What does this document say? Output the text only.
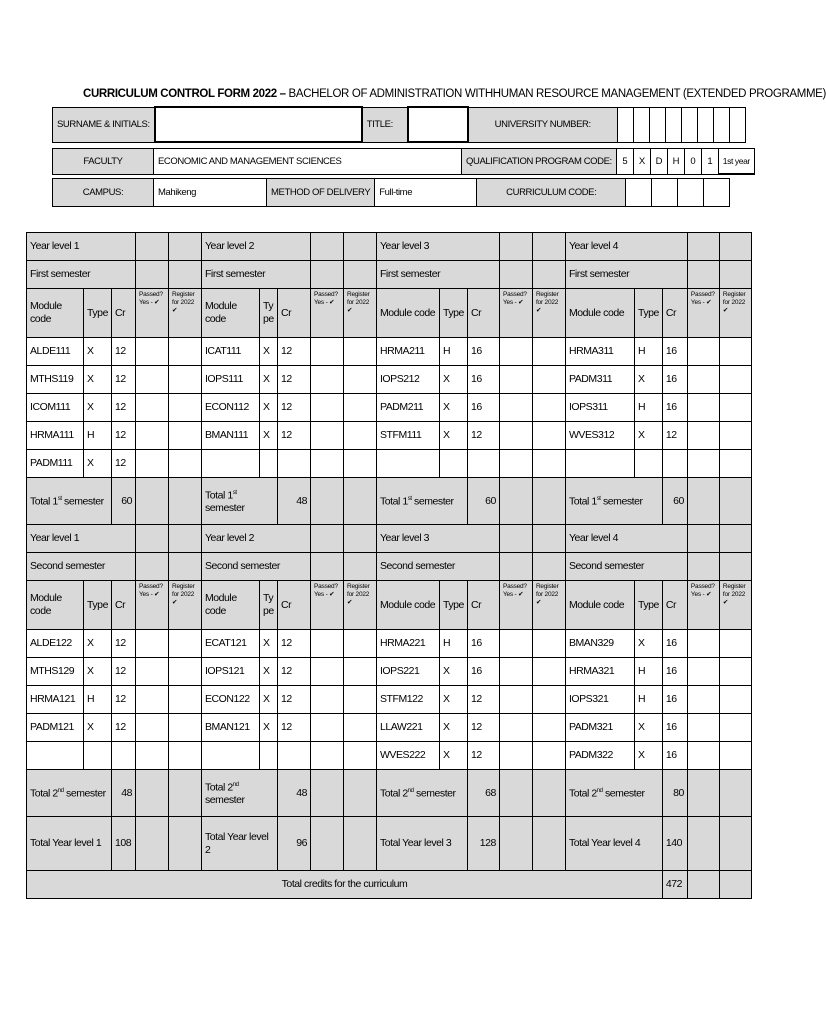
CURRICULUM CONTROL FORM 2022 – BACHELOR OF ADMINISTRATION WITHHUMAN RESOURCE MANAGEMENT (EXTENDED PROGRAMME)
SURNAME & INITIALS:		TITLE:		UNIVERSITY NUMBER:								
FACULTY	ECONOMIC AND MANAGEMENT SCIENCES	QUALIFICATION PROGRAM CODE:	5	X	D	H	0	1	1st year
CAMPUS:	Mahikeng	METHOD OF DELIVERY	Full-time	CURRICULUM CODE:				
Year level 1					Year level 2					Year level 3					Year level 4				
First semester					First semester					First semester					First semester				
Module code	Type	Cr	Passed? Yes - ✔	Register for 2022 ✔	Module code	Ty pe	Cr	Passed? Yes - ✔	Register for 2022 ✔	Module code	Type	Cr	Passed? Yes - ✔	Register for 2022 ✔	Module code	Type	Cr	Passed? Yes - ✔	Register for 2022 ✔
ALDE111	X	12			ICAT111	X	12			HRMA211	H	16			HRMA311	H	16		
MTHS119	X	12			IOPS111	X	12			IOPS212	X	16			PADM311	X	16		
ICOM111	X	12			ECON112	X	12			PADM211	X	16			IOPS311	H	16		
HRMA111	H	12			BMAN111	X	12			STFM111	X	12			WVES312	X	12		
PADM111	X	12																	
Total 1st semester		60			Total 1st semester		48			Total 1st semester		60			Total 1st semester		60		
Year level 1					Year level 2					Year level 3					Year level 4				
Second semester					Second semester					Second semester					Second semester				
Module code	Type	Cr	Passed? Yes - ✔	Register for 2022 ✔	Module code	Ty pe	Cr	Passed? Yes - ✔	Register for 2022 ✔	Module code	Type	Cr	Passed? Yes - ✔	Register for 2022 ✔	Module code	Type	Cr	Passed? Yes - ✔	Register for 2022 ✔
ALDE122	X	12			ECAT121	X	12			HRMA221	H	16			BMAN329	X	16		
MTHS129	X	12			IOPS121	X	12			IOPS221	X	16			HRMA321	H	16		
HRMA121	H	12			ECON122	X	12			STFM122	X	12			IOPS321	H	16		
PADM121	X	12			BMAN121	X	12			LLAW221	X	12			PADM321	X	16		
										WVES222	X	12			PADM322	X	16		
Total 2nd semester		48			Total 2nd semester		48			Total 2nd semester		68			Total 2nd semester		80		
Total Year level 1		108			Total Year level 2		96			Total Year level 3		128			Total Year level 4		140		
Total credits for the curriculum																	472		
